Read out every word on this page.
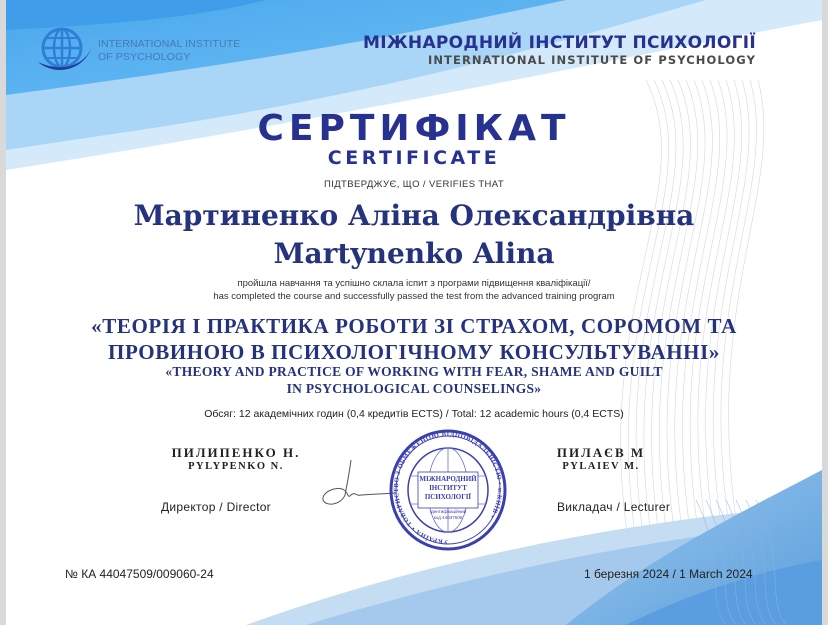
INTERNATIONAL INSTITUTE
OF PSYCHOLOGY
МІЖНАРОДНИЙ ІНСТИТУТ ПСИХОЛОГІЇ
INTERNATIONAL INSTITUTE OF PSYCHOLOGY
СЕРТИФІКАТ
CERTIFICATE
ПІДТВЕРДЖУЄ, ЩО / VERIFIES THAT
Мартиненко Аліна Олександрівна
Martynenko Alina
пройшла навчання та успішно склала іспит з програми підвищення кваліфікації/
has completed the course and successfully passed the test from the advanced training program
«ТЕОРІЯ І ПРАКТИКА РОБОТИ ЗІ СТРАХОМ, СОРОМОМ ТА
ПРОВИНОЮ В ПСИХОЛОГІЧНОМУ КОНСУЛЬТУВАННІ»
«THEORY AND PRACTICE OF WORKING WITH FEAR, SHAME AND GUILT
IN PSYCHOLOGICAL COUNSELINGS»
Обсяг: 12 академічних годин (0,4 кредитів ECTS) / Total: 12 academic hours (0,4 ECTS)
ПИЛИПЕНКО Н.
PYLYPENKO N.
Директор / Director
МІЖНАРОДНИЙ
ІНСТИТУТ
ПСИХОЛОГІЇ
Ідентифікаційний
код 44047509
УКРАЇНА • ТОВАРИСТВО З ОБМЕЖЕНОЮ ВІДПОВІДАЛЬНІСТЮ • м.КИЇВ •
ПИЛАЄВ М
PYLAIEV M.
Викладач / Lecturer
№ КА 44047509/009060-24	1 березня 2024 / 1 March 2024
